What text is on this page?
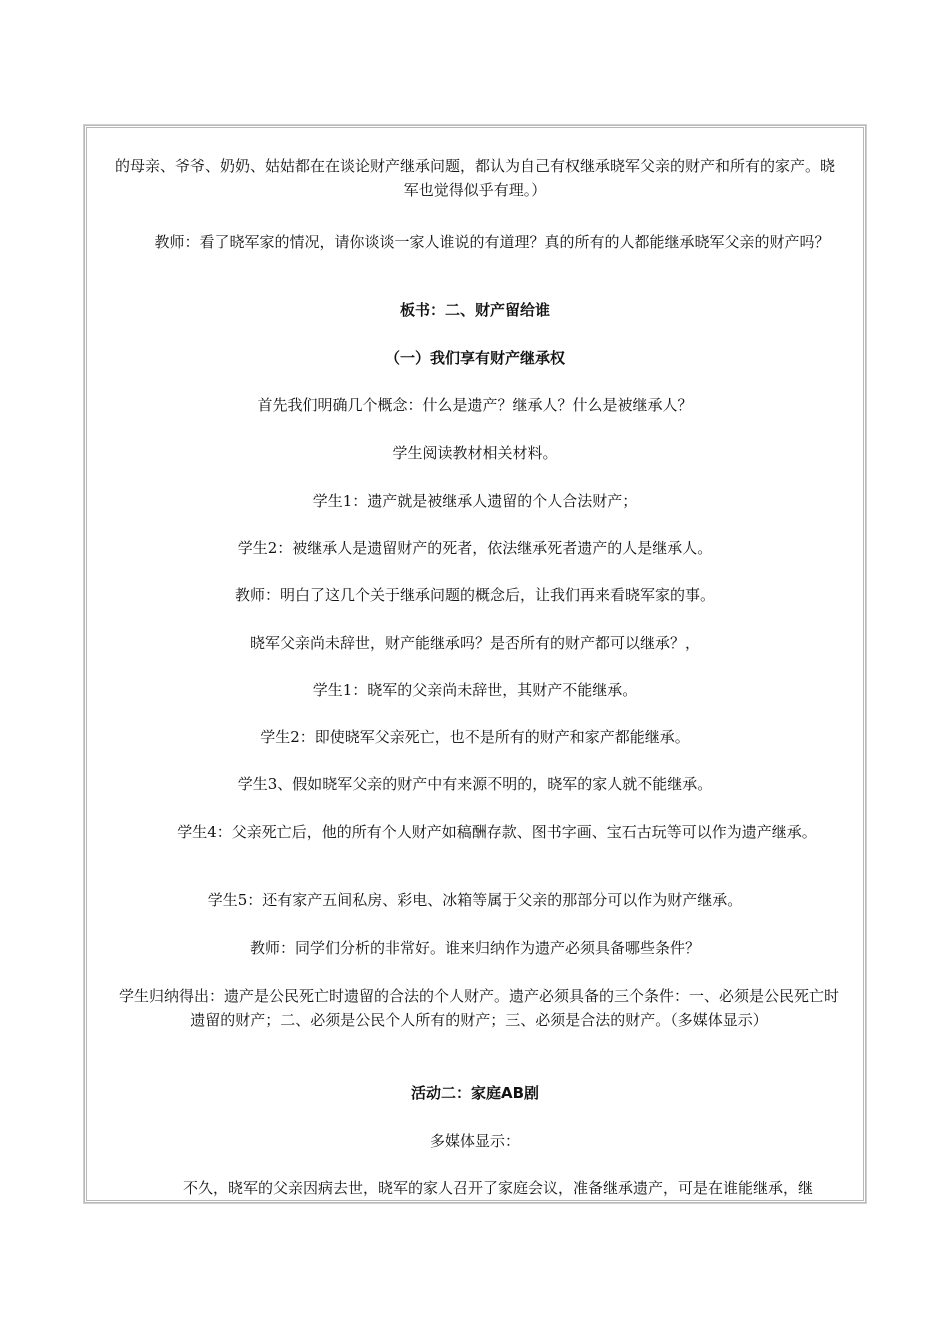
的母亲、爷爷、奶奶、姑姑都在在谈论财产继承问题，都认为自己有权继承晓军父亲的财产和所有的家产。晓军也觉得似乎有理。）

教师：看了晓军家的情况，请你谈谈一家人谁说的有道理？真的所有的人都能继承晓军父亲的财产吗？

板书：二、财产留给谁

（一）我们享有财产继承权

首先我们明确几个概念：什么是遗产？继承人？什么是被继承人？

学生阅读教材相关材料。

学生1：遗产就是被继承人遗留的个人合法财产；

学生2：被继承人是遗留财产的死者，依法继承死者遗产的人是继承人。

教师：明白了这几个关于继承问题的概念后，让我们再来看晓军家的事。

晓军父亲尚未辞世，财产能继承吗？是否所有的财产都可以继承？，

学生1：晓军的父亲尚未辞世，其财产不能继承。

学生2：即使晓军父亲死亡，也不是所有的财产和家产都能继承。

学生3、假如晓军父亲的财产中有来源不明的，晓军的家人就不能继承。

学生4：父亲死亡后，他的所有个人财产如稿酬存款、图书字画、宝石古玩等可以作为遗产继承。

学生5：还有家产五间私房、彩电、冰箱等属于父亲的那部分可以作为财产继承。

教师：同学们分析的非常好。谁来归纳作为遗产必须具备哪些条件？

学生归纳得出：遗产是公民死亡时遗留的合法的个人财产。遗产必须具备的三个条件：一、必须是公民死亡时遗留的财产；二、必须是公民个人所有的财产；三、必须是合法的财产。（多媒体显示）

活动二：家庭AB剧

多媒体显示：

不久，晓军的父亲因病去世，晓军的家人召开了家庭会议，准备继承遗产，可是在谁能继承，继
